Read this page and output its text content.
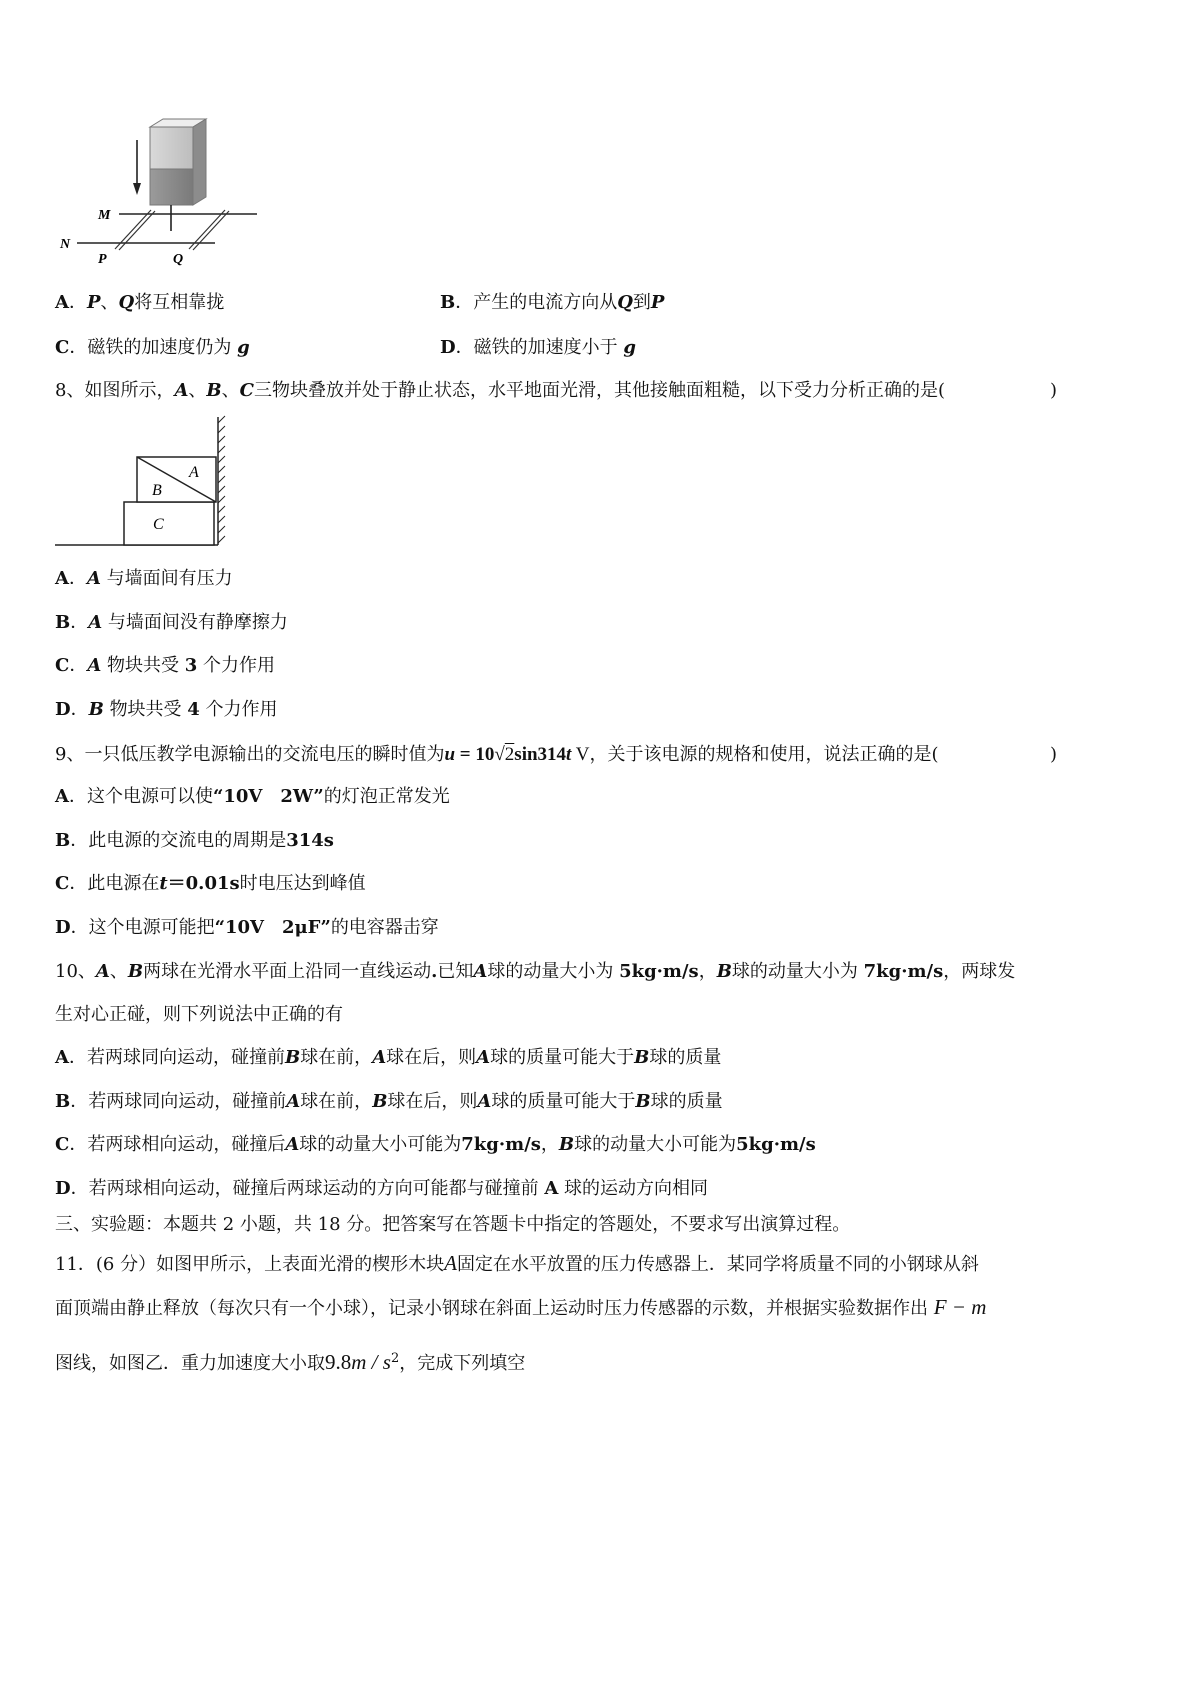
M
N
P	Q
A．P、Q将互相靠拢	B．产生的电流方向从Q到P
C．磁铁的加速度仍为 g	D．磁铁的加速度小于 g
8、如图所示，A、B、C三物块叠放并处于静止状态，水平地面光滑，其他接触面粗糙，以下受力分析正确的是(	)
A
B
C
A．A 与墙面间有压力
B．A 与墙面间没有静摩擦力
C．A 物块共受 3 个力作用
D．B 物块共受 4 个力作用
9、一只低压教学电源输出的交流电压的瞬时值为u = 10√2sin314t V，关于该电源的规格和使用，说法正确的是(	)
A．这个电源可以使“10V　2W”的灯泡正常发光
B．此电源的交流电的周期是314s
C．此电源在t＝0.01s时电压达到峰值
D．这个电源可能把“10V　2μF”的电容器击穿
10、A、B两球在光滑水平面上沿同一直线运动.已知A球的动量大小为 5kg·m/s，B球的动量大小为 7kg·m/s，两球发
生对心正碰，则下列说法中正确的有
A．若两球同向运动，碰撞前B球在前，A球在后，则A球的质量可能大于B球的质量
B．若两球同向运动，碰撞前A球在前，B球在后，则A球的质量可能大于B球的质量
C．若两球相向运动，碰撞后A球的动量大小可能为7kg·m/s，B球的动量大小可能为5kg·m/s
D．若两球相向运动，碰撞后两球运动的方向可能都与碰撞前 A 球的运动方向相同
三、实验题：本题共 2 小题，共 18 分。把答案写在答题卡中指定的答题处，不要求写出演算过程。
11．(6 分）如图甲所示，上表面光滑的楔形木块A固定在水平放置的压力传感器上．某同学将质量不同的小钢球从斜
面顶端由静止释放（每次只有一个小球），记录小钢球在斜面上运动时压力传感器的示数，并根据实验数据作出 F − m
图线，如图乙．重力加速度大小取$9.8m / s^2$，完成下列填空
